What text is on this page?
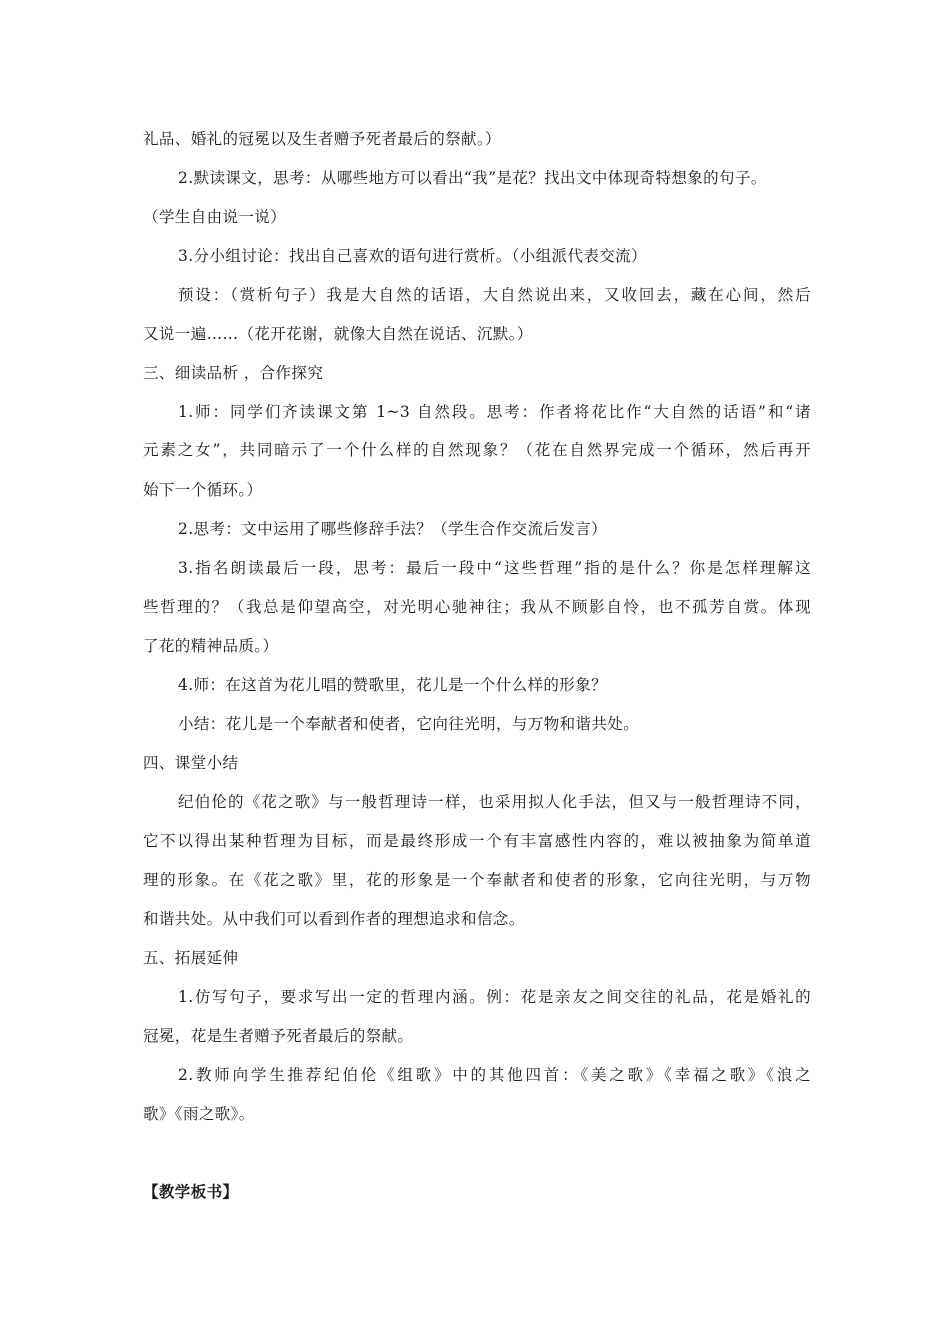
礼品、婚礼的冠冕以及生者赠予死者最后的祭献。）
2.默读课文，思考：从哪些地方可以看出“我”是花？找出文中体现奇特想象的句子。
（学生自由说一说）
3.分小组讨论：找出自己喜欢的语句进行赏析。（小组派代表交流）
预设：（赏析句子）我是大自然的话语，大自然说出来，又收回去，藏在心间，然后
又说一遍……（花开花谢，就像大自然在说话、沉默。）
三、细读品析 ，合作探究
1.师：同学们齐读课文第 1~3 自然段。思考：作者将花比作“大自然的话语”和“诸
元素之女”，共同暗示了一个什么样的自然现象？（花在自然界完成一个循环，然后再开
始下一个循环。）
2.思考：文中运用了哪些修辞手法？（学生合作交流后发言）
3.指名朗读最后一段，思考：最后一段中“这些哲理”指的是什么？你是怎样理解这
些哲理的？（我总是仰望高空，对光明心驰神往；我从不顾影自怜，也不孤芳自赏。体现
了花的精神品质。）
4.师：在这首为花儿唱的赞歌里，花儿是一个什么样的形象？
小结：花儿是一个奉献者和使者，它向往光明，与万物和谐共处。
四、课堂小结
纪伯伦的《花之歌》与一般哲理诗一样，也采用拟人化手法，但又与一般哲理诗不同，
它不以得出某种哲理为目标，而是最终形成一个有丰富感性内容的，难以被抽象为简单道
理的形象。在《花之歌》里，花的形象是一个奉献者和使者的形象，它向往光明，与万物
和谐共处。从中我们可以看到作者的理想追求和信念。
五、拓展延伸
1.仿写句子，要求写出一定的哲理内涵。例：花是亲友之间交往的礼品，花是婚礼的
冠冕，花是生者赠予死者最后的祭献。
2.教师向学生推荐纪伯伦《组歌》中的其他四首：《美之歌》《幸福之歌》《浪之
歌》《雨之歌》。
【教学板书】
